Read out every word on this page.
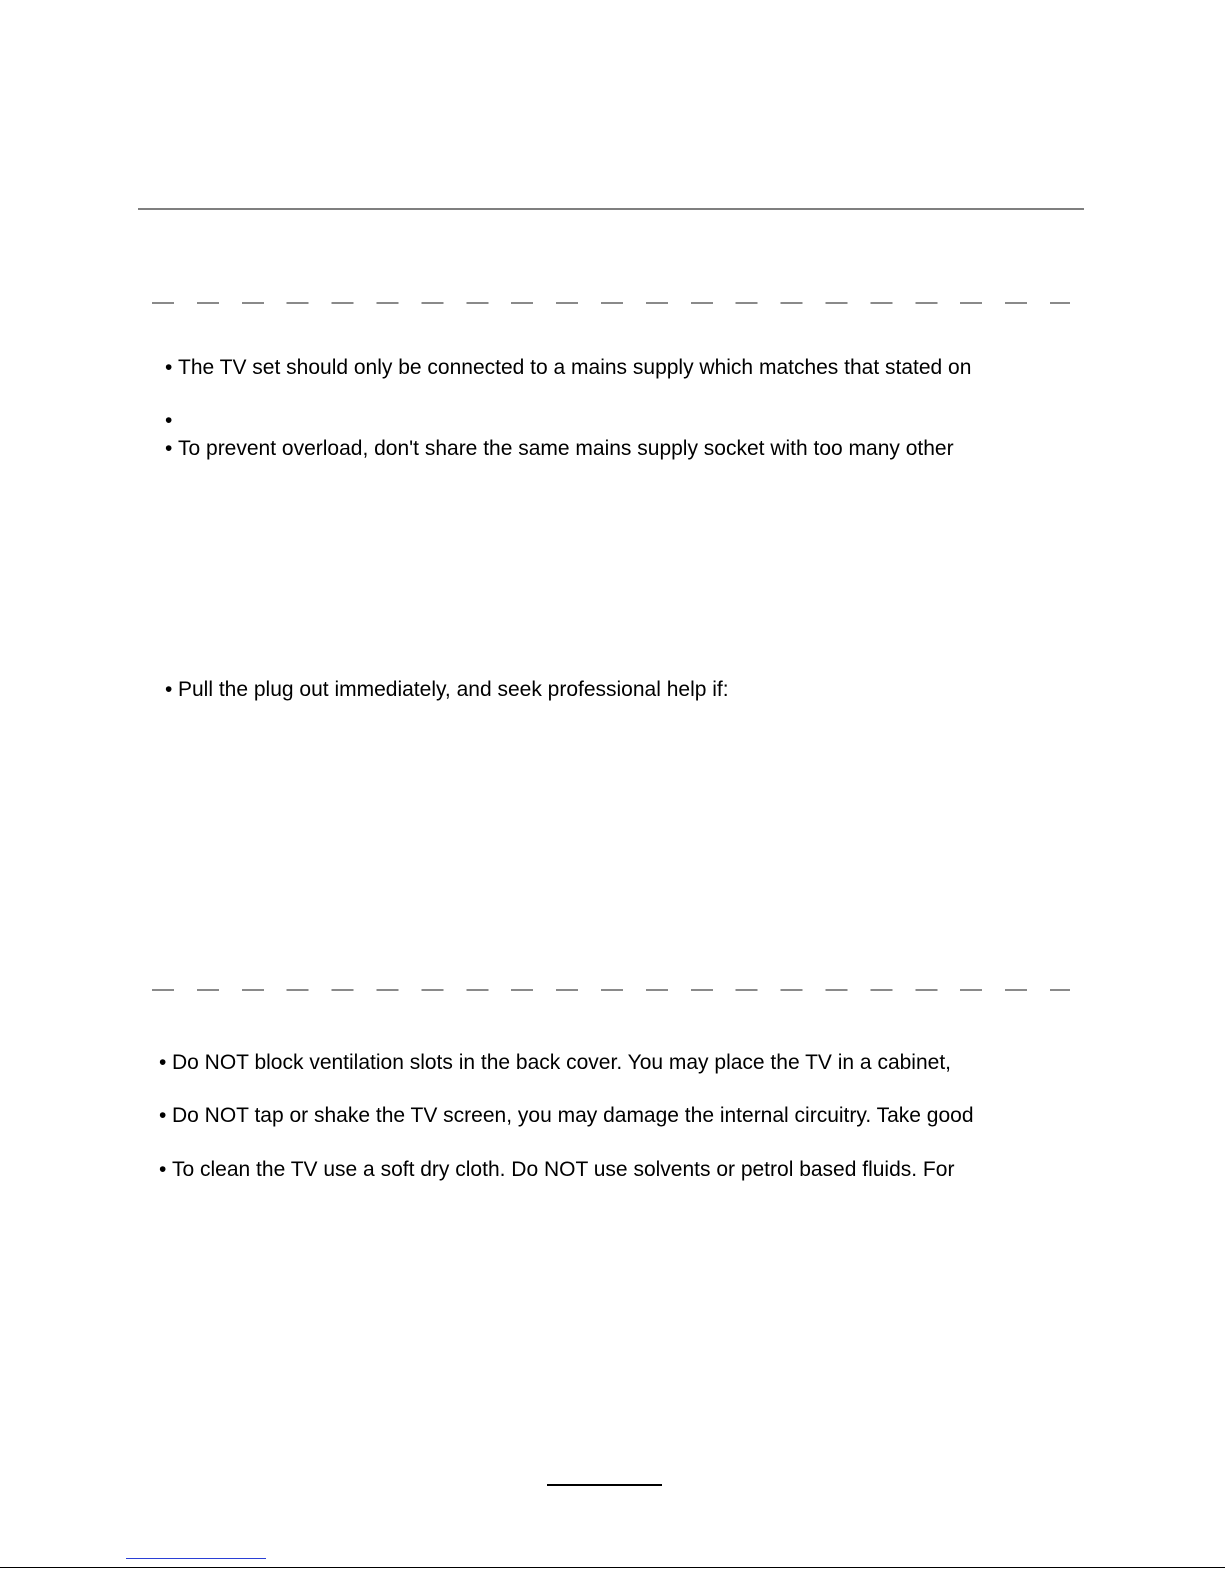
• The TV set should only be connected to a mains supply which matches that stated on
•
• To prevent overload, don't share the same mains supply socket with too many other
• Pull the plug out immediately, and seek professional help if:
• Do NOT block ventilation slots in the back cover. You may place the TV in a cabinet,
• Do NOT tap or shake the TV screen, you may damage the internal circuitry. Take good
• To clean the TV use a soft dry cloth. Do NOT use solvents or petrol based fluids. For
